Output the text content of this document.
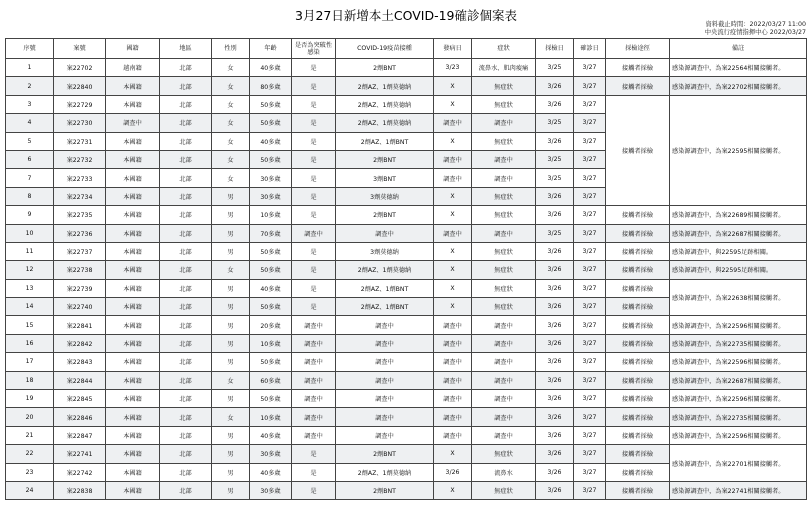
3月27日新增本土COVID-19確診個案表
資料截止時間：2022/03/27 11:00
中央流行疫情指揮中心 2022/03/27
序號	案號	國籍	地區	性別	年齡	是否為突破性感染	COVID-19疫苗接種	發病日	症狀	採檢日	確診日	採檢途徑	備註
1	案22702	越南籍	北部	女	40多歲	是	2劑BNT	3/23	流鼻水、肌肉痠痛	3/25	3/27	接觸者採檢	感染源調查中，為案22564相關接觸者。
2	案22840	本國籍	北部	女	80多歲	是	2劑AZ、1劑莫德納	X	無症狀	3/26	3/27	接觸者採檢	感染源調查中，為案22702相關接觸者。
3	案22729	本國籍	北部	女	50多歲	是	2劑AZ、1劑莫德納	X	無症狀	3/26	3/27	接觸者採檢	感染源調查中，為案22595相關接觸者。
4	案22730	調查中	北部	女	50多歲	是	2劑AZ、1劑莫德納	調查中	調查中	3/25	3/27		
5	案22731	本國籍	北部	女	40多歲	是	2劑AZ、1劑BNT	X	無症狀	3/26	3/27		
6	案22732	本國籍	北部	女	50多歲	是	2劑BNT	調查中	調查中	3/25	3/27		
7	案22733	本國籍	北部	女	30多歲	是	3劑BNT	調查中	調查中	3/25	3/27		
8	案22734	本國籍	北部	男	30多歲	是	3劑莫德納	X	無症狀	3/26	3/27		
9	案22735	本國籍	北部	男	10多歲	是	2劑BNT	X	無症狀	3/26	3/27	接觸者採檢	感染源調查中，為案22689相關接觸者。
10	案22736	本國籍	北部	男	70多歲	調查中	調查中	調查中	調查中	3/25	3/27	接觸者採檢	感染源調查中，為案22687相關接觸者。
11	案22737	本國籍	北部	男	50多歲	是	3劑莫德納	X	無症狀	3/26	3/27	接觸者採檢	感染源調查中，與22595足跡相關。
12	案22738	本國籍	北部	女	50多歲	是	2劑AZ、1劑莫德納	X	無症狀	3/26	3/27	接觸者採檢	感染源調查中，與22595足跡相關。
13	案22739	本國籍	北部	男	40多歲	是	2劑AZ、1劑BNT	X	無症狀	3/26	3/27	接觸者採檢	感染源調查中，為案22638相關接觸者。
14	案22740	本國籍	北部	男	50多歲	是	2劑AZ、1劑BNT	X	無症狀	3/26	3/27	接觸者採檢	
15	案22841	本國籍	北部	男	20多歲	調查中	調查中	調查中	調查中	3/26	3/27	接觸者採檢	感染源調查中，為案22596相關接觸者。
16	案22842	本國籍	北部	男	10多歲	調查中	調查中	調查中	調查中	3/26	3/27	接觸者採檢	感染源調查中，為案22735相關接觸者。
17	案22843	本國籍	北部	男	50多歲	調查中	調查中	調查中	調查中	3/26	3/27	接觸者採檢	感染源調查中，為案22596相關接觸者。
18	案22844	本國籍	北部	女	60多歲	調查中	調查中	調查中	調查中	3/26	3/27	接觸者採檢	感染源調查中，為案22687相關接觸者。
19	案22845	本國籍	北部	男	50多歲	調查中	調查中	調查中	調查中	3/26	3/27	接觸者採檢	感染源調查中，為案22596相關接觸者。
20	案22846	本國籍	北部	女	10多歲	調查中	調查中	調查中	調查中	3/26	3/27	接觸者採檢	感染源調查中，為案22735相關接觸者。
21	案22847	本國籍	北部	男	40多歲	調查中	調查中	調查中	調查中	3/26	3/27	接觸者採檢	感染源調查中，為案22596相關接觸者。
22	案22741	本國籍	北部	男	30多歲	是	2劑BNT	X	無症狀	3/26	3/27	接觸者採檢	感染源調查中，為案22701相關接觸者。
23	案22742	本國籍	北部	男	40多歲	是	2劑AZ、1劑莫德納	3/26	流鼻水	3/26	3/27	接觸者採檢	
24	案22838	本國籍	北部	男	30多歲	是	2劑BNT	X	無症狀	3/26	3/27	接觸者採檢	感染源調查中，為案22741相關接觸者。
